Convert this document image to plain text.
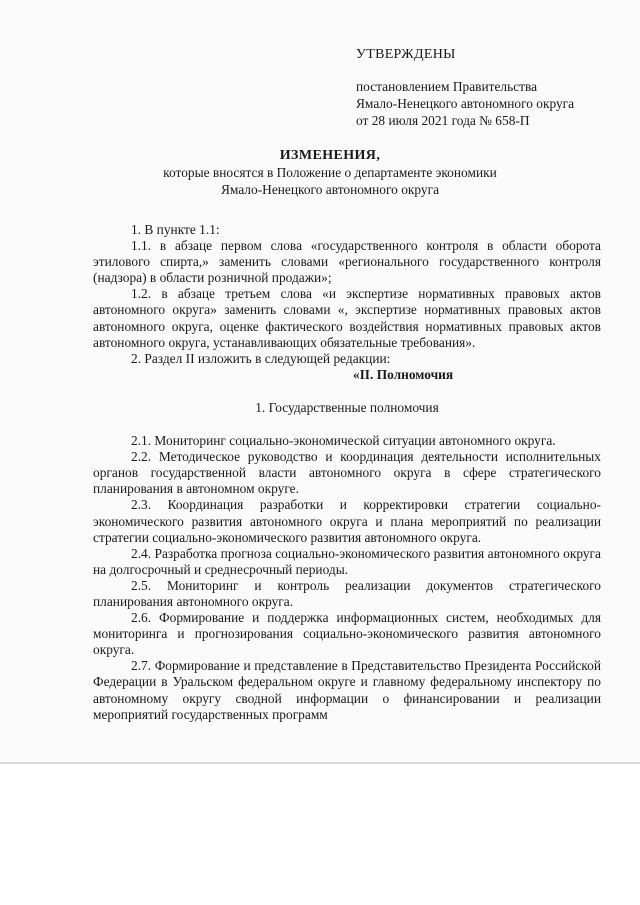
УТВЕРЖДЕНЫ
постановлением Правительства
Ямало-Ненецкого автономного округа
от 28 июля 2021 года № 658-П
ИЗМЕНЕНИЯ,
которые вносятся в Положение о департаменте экономики
Ямало-Ненецкого автономного округа

1. В пункте 1.1:

1.1. в абзаце первом слова «государственного контроля в области оборота этилового спирта,» заменить словами «регионального государственного контроля (надзора) в области розничной продажи»;

1.2. в абзаце третьем слова «и экспертизе нормативных правовых актов автономного округа» заменить словами «, экспертизе нормативных правовых актов автономного округа, оценке фактического воздействия нормативных правовых актов автономного округа, устанавливающих обязательные требования».

2. Раздел II изложить в следующей редакции:

«II. Полномочия

1. Государственные полномочия

2.1. Мониторинг социально-экономической ситуации автономного округа.

2.2. Методическое руководство и координация деятельности исполнительных органов государственной власти автономного округа в сфере стратегического планирования в автономном округе.

2.3. Координация разработки и корректировки стратегии социально-экономического развития автономного округа и плана мероприятий по реализации стратегии социально-экономического развития автономного округа.

2.4. Разработка прогноза социально-экономического развития автономного округа на долгосрочный и среднесрочный периоды.

2.5. Мониторинг и контроль реализации документов стратегического планирования автономного округа.

2.6. Формирование и поддержка информационных систем, необходимых для мониторинга и прогнозирования социально-экономического развития автономного округа.

2.7. Формирование и представление в Представительство Президента Российской Федерации в Уральском федеральном округе и главному федеральному инспектору по автономному округу сводной информации о финансировании и реализации мероприятий государственных программ
